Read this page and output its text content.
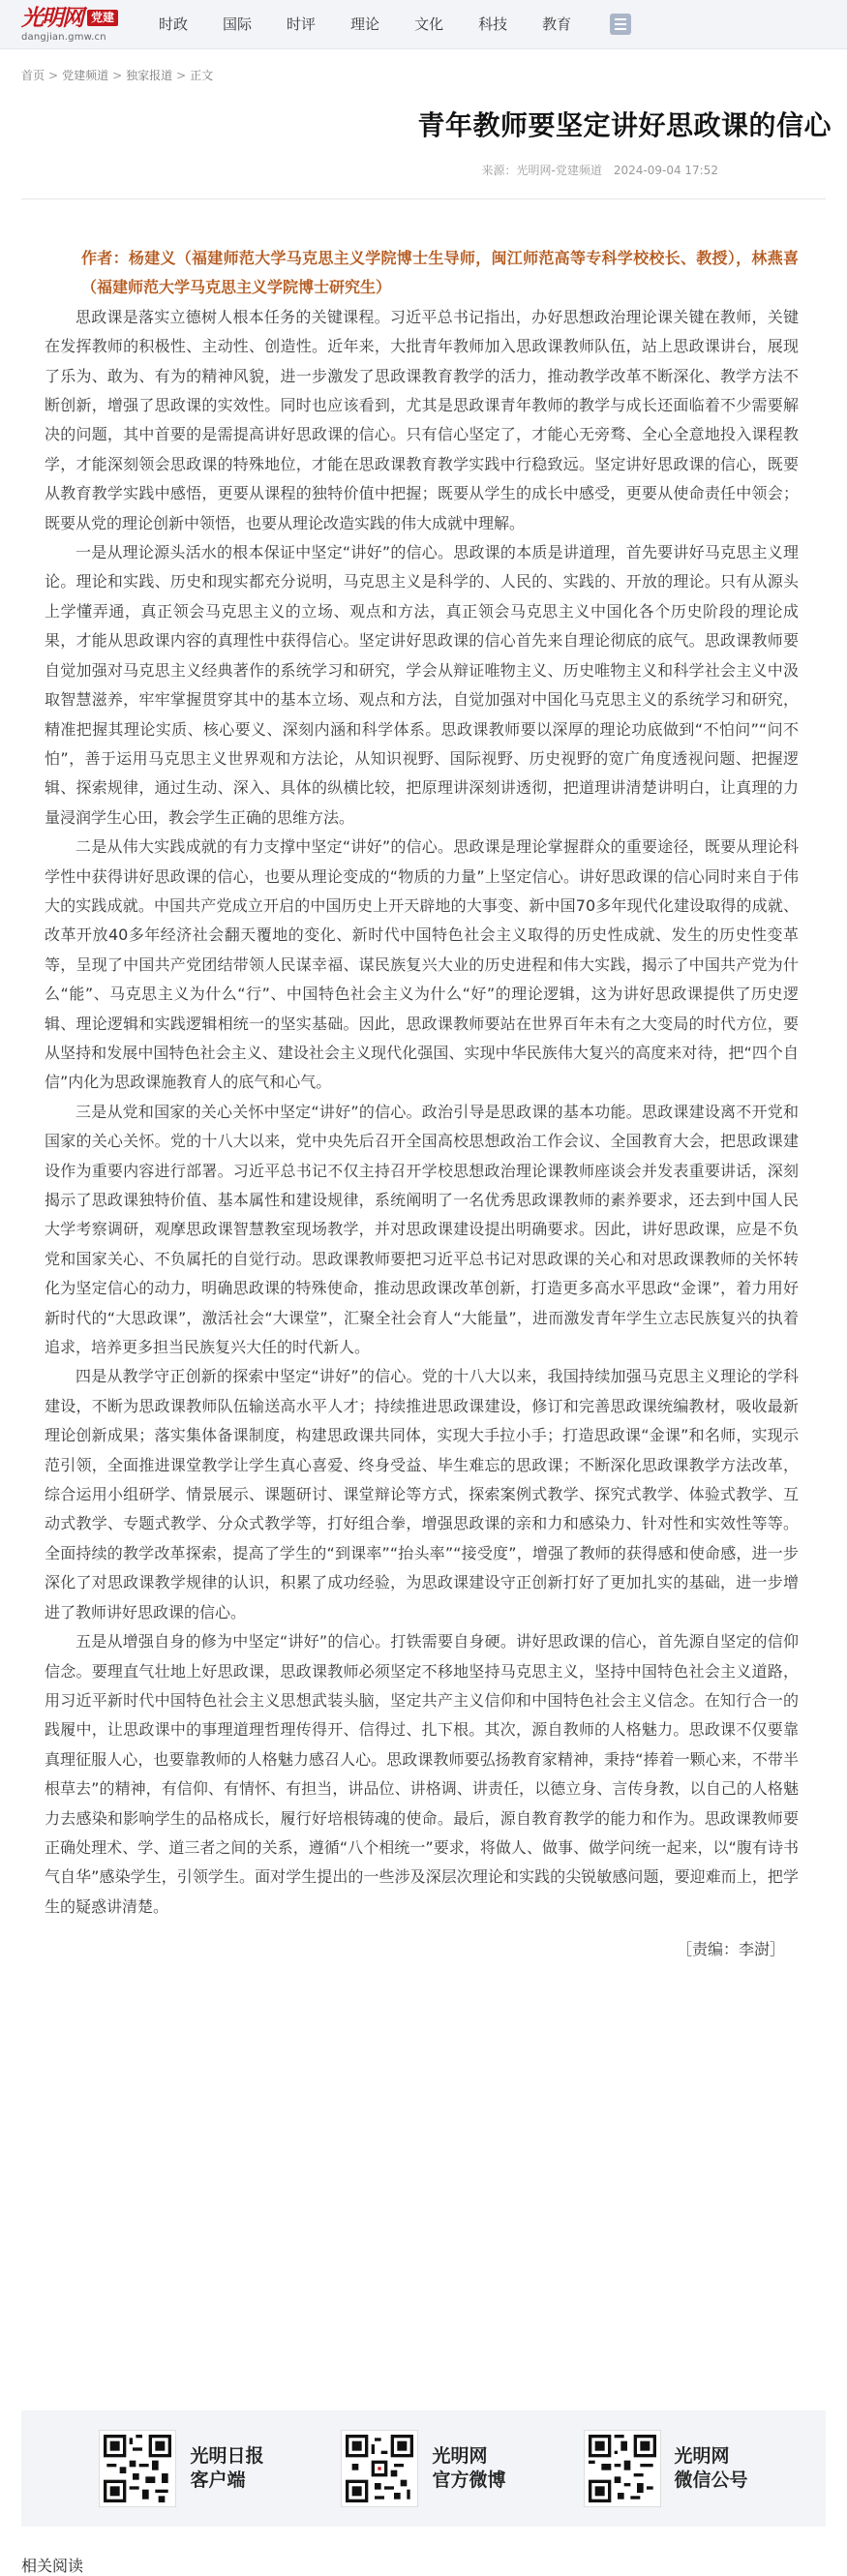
光明网 党建
dangjian.gmw.cn
时政 国际 时评 理论 文化 科技 教育
首页 > 党建频道 > 独家报道 > 正文
青年教师要坚定讲好思政课的信心
来源：光明网-党建频道 2024-09-04 17:52

作者：杨建义（福建师范大学马克思主义学院博士生导师，闽江师范高等专科学校校长、教授），林燕喜（福建师范大学马克思主义学院博士研究生）

思政课是落实立德树人根本任务的关键课程。习近平总书记指出，办好思想政治理论课关键在教师，关键在发挥教师的积极性、主动性、创造性。近年来，大批青年教师加入思政课教师队伍，站上思政课讲台，展现了乐为、敢为、有为的精神风貌，进一步激发了思政课教育教学的活力，推动教学改革不断深化、教学方法不断创新，增强了思政课的实效性。同时也应该看到，尤其是思政课青年教师的教学与成长还面临着不少需要解决的问题，其中首要的是需提高讲好思政课的信心。只有信心坚定了，才能心无旁骛、全心全意地投入课程教学，才能深刻领会思政课的特殊地位，才能在思政课教育教学实践中行稳致远。坚定讲好思政课的信心，既要从教育教学实践中感悟，更要从课程的独特价值中把握；既要从学生的成长中感受，更要从使命责任中领会；既要从党的理论创新中领悟，也要从理论改造实践的伟大成就中理解。

一是从理论源头活水的根本保证中坚定“讲好”的信心。思政课的本质是讲道理，首先要讲好马克思主义理论。理论和实践、历史和现实都充分说明，马克思主义是科学的、人民的、实践的、开放的理论。只有从源头上学懂弄通，真正领会马克思主义的立场、观点和方法，真正领会马克思主义中国化各个历史阶段的理论成果，才能从思政课内容的真理性中获得信心。坚定讲好思政课的信心首先来自理论彻底的底气。思政课教师要自觉加强对马克思主义经典著作的系统学习和研究，学会从辩证唯物主义、历史唯物主义和科学社会主义中汲取智慧滋养，牢牢掌握贯穿其中的基本立场、观点和方法，自觉加强对中国化马克思主义的系统学习和研究，精准把握其理论实质、核心要义、深刻内涵和科学体系。思政课教师要以深厚的理论功底做到“不怕问”“问不怕”，善于运用马克思主义世界观和方法论，从知识视野、国际视野、历史视野的宽广角度透视问题、把握逻辑、探索规律，通过生动、深入、具体的纵横比较，把原理讲深刻讲透彻，把道理讲清楚讲明白，让真理的力量浸润学生心田，教会学生正确的思维方法。

二是从伟大实践成就的有力支撑中坚定“讲好”的信心。思政课是理论掌握群众的重要途径，既要从理论科学性中获得讲好思政课的信心，也要从理论变成的“物质的力量”上坚定信心。讲好思政课的信心同时来自于伟大的实践成就。中国共产党成立开启的中国历史上开天辟地的大事变、新中国70多年现代化建设取得的成就、改革开放40多年经济社会翻天覆地的变化、新时代中国特色社会主义取得的历史性成就、发生的历史性变革等，呈现了中国共产党团结带领人民谋幸福、谋民族复兴大业的历史进程和伟大实践，揭示了中国共产党为什么“能”、马克思主义为什么“行”、中国特色社会主义为什么“好”的理论逻辑，这为讲好思政课提供了历史逻辑、理论逻辑和实践逻辑相统一的坚实基础。因此，思政课教师要站在世界百年未有之大变局的时代方位，要从坚持和发展中国特色社会主义、建设社会主义现代化强国、实现中华民族伟大复兴的高度来对待，把“四个自信”内化为思政课施教育人的底气和心气。

三是从党和国家的关心关怀中坚定“讲好”的信心。政治引导是思政课的基本功能。思政课建设离不开党和国家的关心关怀。党的十八大以来，党中央先后召开全国高校思想政治工作会议、全国教育大会，把思政课建设作为重要内容进行部署。习近平总书记不仅主持召开学校思想政治理论课教师座谈会并发表重要讲话，深刻揭示了思政课独特价值、基本属性和建设规律，系统阐明了一名优秀思政课教师的素养要求，还去到中国人民大学考察调研，观摩思政课智慧教室现场教学，并对思政课建设提出明确要求。因此，讲好思政课，应是不负党和国家关心、不负属托的自觉行动。思政课教师要把习近平总书记对思政课的关心和对思政课教师的关怀转化为坚定信心的动力，明确思政课的特殊使命，推动思政课改革创新，打造更多高水平思政“金课”，着力用好新时代的“大思政课”，激活社会“大课堂”，汇聚全社会育人“大能量”，进而激发青年学生立志民族复兴的执着追求，培养更多担当民族复兴大任的时代新人。

四是从教学守正创新的探索中坚定“讲好”的信心。党的十八大以来，我国持续加强马克思主义理论的学科建设，不断为思政课教师队伍输送高水平人才；持续推进思政课建设，修订和完善思政课统编教材，吸收最新理论创新成果；落实集体备课制度，构建思政课共同体，实现大手拉小手；打造思政课“金课”和名师，实现示范引领，全面推进课堂教学让学生真心喜爱、终身受益、毕生难忘的思政课；不断深化思政课教学方法改革，综合运用小组研学、情景展示、课题研讨、课堂辩论等方式，探索案例式教学、探究式教学、体验式教学、互动式教学、专题式教学、分众式教学等，打好组合拳，增强思政课的亲和力和感染力、针对性和实效性等等。全面持续的教学改革探索，提高了学生的“到课率”“抬头率”“接受度”，增强了教师的获得感和使命感，进一步深化了对思政课教学规律的认识，积累了成功经验，为思政课建设守正创新打好了更加扎实的基础，进一步增进了教师讲好思政课的信心。

五是从增强自身的修为中坚定“讲好”的信心。打铁需要自身硬。讲好思政课的信心，首先源自坚定的信仰信念。要理直气壮地上好思政课，思政课教师必须坚定不移地坚持马克思主义，坚持中国特色社会主义道路，用习近平新时代中国特色社会主义思想武装头脑，坚定共产主义信仰和中国特色社会主义信念。在知行合一的践履中，让思政课中的事理道理哲理传得开、信得过、扎下根。其次，源自教师的人格魅力。思政课不仅要靠真理征服人心，也要靠教师的人格魅力感召人心。思政课教师要弘扬教育家精神，秉持“捧着一颗心来，不带半根草去”的精神，有信仰、有情怀、有担当，讲品位、讲格调、讲责任，以德立身、言传身教，以自己的人格魅力去感染和影响学生的品格成长，履行好培根铸魂的使命。最后，源自教育教学的能力和作为。思政课教师要正确处理术、学、道三者之间的关系，遵循“八个相统一”要求，将做人、做事、做学问统一起来，以“腹有诗书气自华”感染学生，引领学生。面对学生提出的一些涉及深层次理论和实践的尖锐敏感问题，要迎难而上，把学生的疑惑讲清楚。

［责编：李澍］

光明日报
客户端
光明网
官方微博
光明网
微信公号
相关阅读
